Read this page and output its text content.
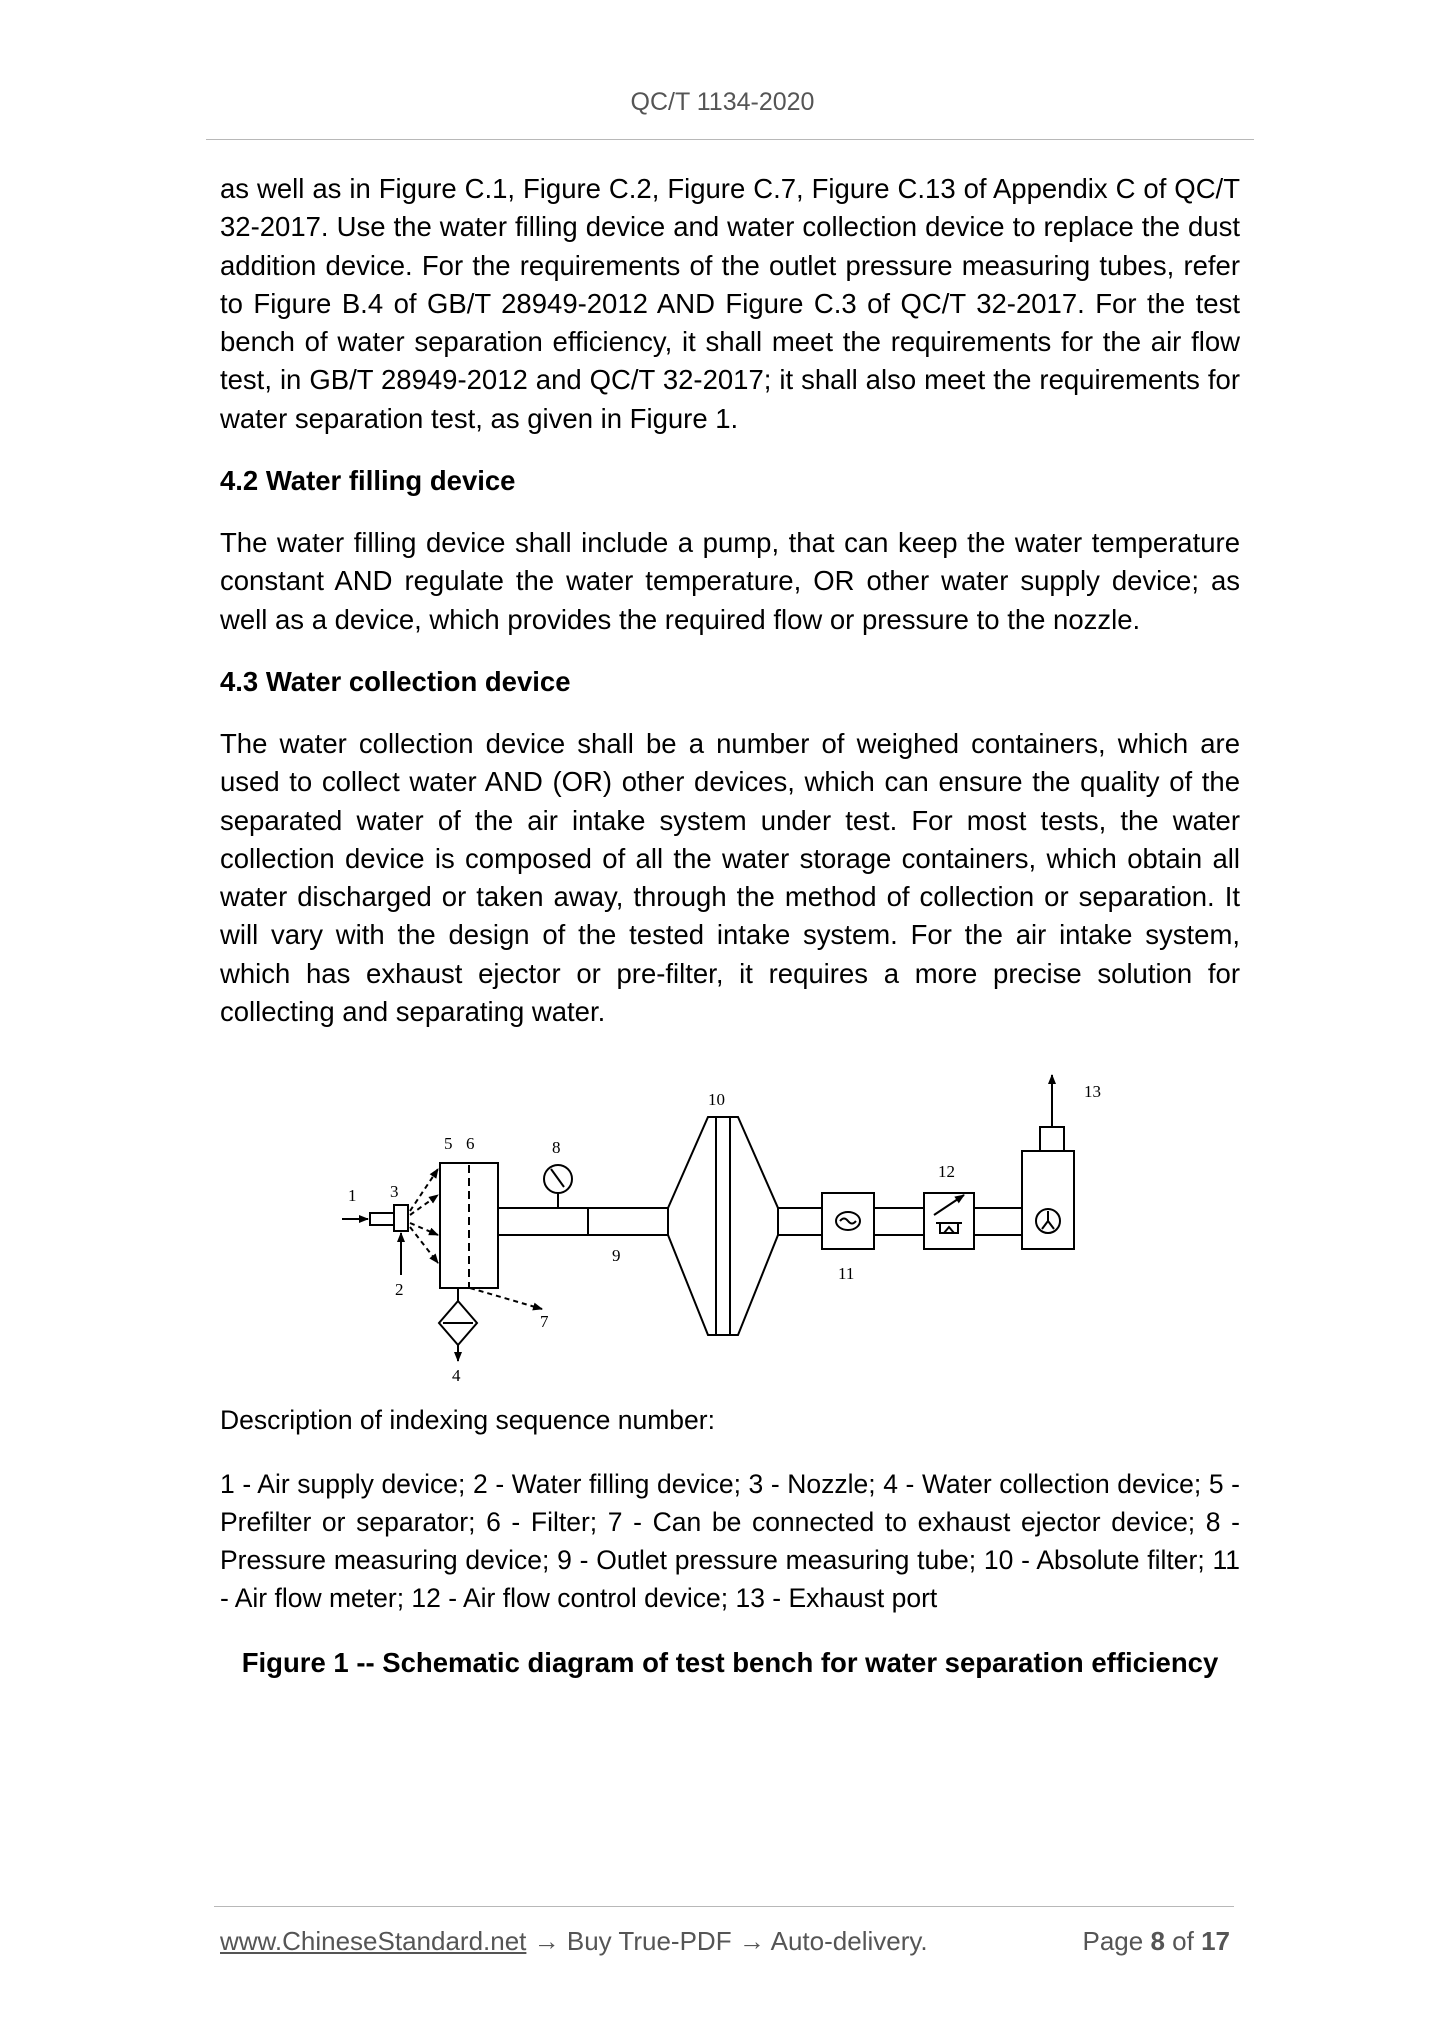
QC/T 1134-2020

as well as in Figure C.1, Figure C.2, Figure C.7, Figure C.13 of Appendix C of QC/T 32-2017. Use the water filling device and water collection device to replace the dust addition device. For the requirements of the outlet pressure measuring tubes, refer to Figure B.4 of GB/T 28949-2012 AND Figure C.3 of QC/T 32-2017. For the test bench of water separation efficiency, it shall meet the requirements for the air flow test, in GB/T 28949-2012 and QC/T 32-2017; it shall also meet the requirements for water separation test, as given in Figure 1.

4.2 Water filling device

The water filling device shall include a pump, that can keep the water temperature constant AND regulate the water temperature, OR other water supply device; as well as a device, which provides the required flow or pressure to the nozzle.

4.3 Water collection device

The water collection device shall be a number of weighed containers, which are used to collect water AND (OR) other devices, which can ensure the quality of the separated water of the air intake system under test. For most tests, the water collection device is composed of all the water storage containers, which obtain all water discharged or taken away, through the method of collection or separation. It will vary with the design of the tested intake system. For the air intake system, which has exhaust ejector or pre-filter, it requires a more precise solution for collecting and separating water.

1 3
2
5 6
7
4
8
9
10
11
12
13

Description of indexing sequence number:

1 - Air supply device; 2 - Water filling device; 3 - Nozzle; 4 - Water collection device; 5 - Prefilter or separator; 6 - Filter; 7 - Can be connected to exhaust ejector device; 8 - Pressure measuring device; 9 - Outlet pressure measuring tube; 10 - Absolute filter; 11 - Air flow meter; 12 - Air flow control device; 13 - Exhaust port

Figure 1 -- Schematic diagram of test bench for water separation efficiency

www.ChineseStandard.net → Buy True-PDF → Auto-delivery.	Page 8 of 17
